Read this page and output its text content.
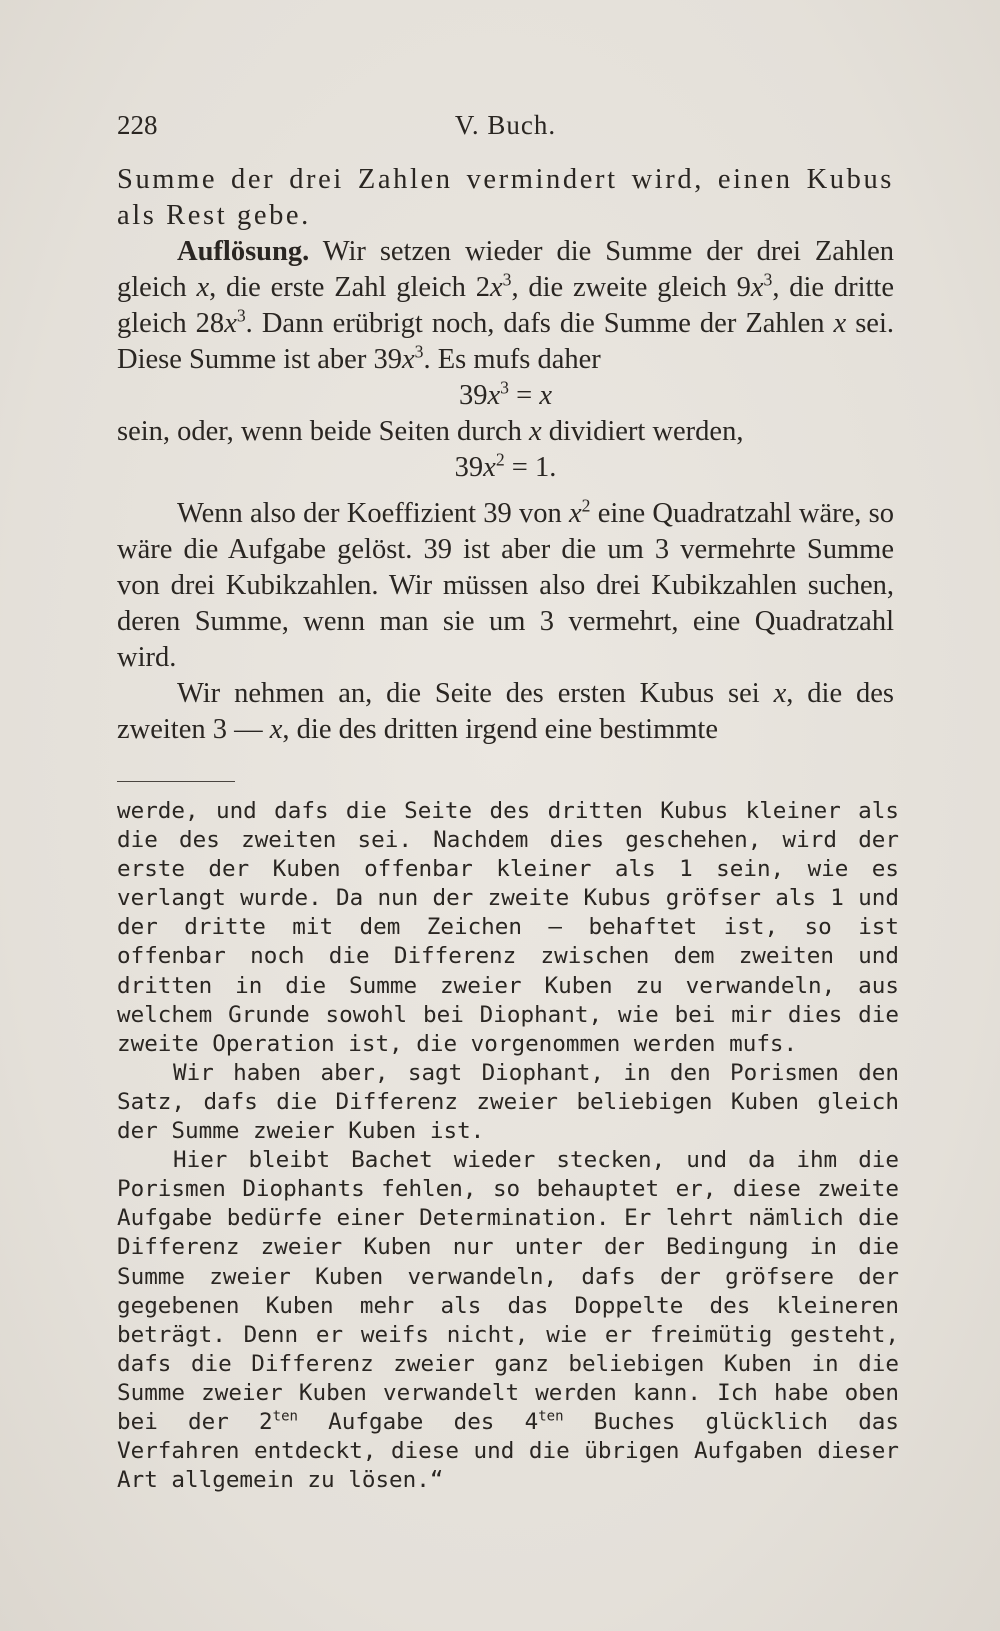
228	V. Buch.

Summe der drei Zahlen vermindert wird, einen Kubus als Rest gebe.

Auflösung. Wir setzen wieder die Summe der drei Zahlen gleich x, die erste Zahl gleich $2x^3$, die zweite gleich $9x^3$, die dritte gleich $28x^3$. Dann erübrigt noch, dafs die Summe der Zahlen x sei. Diese Summe ist aber $39x^3$. Es mufs daher

$39x^3 = x$

sein, oder, wenn beide Seiten durch x dividiert werden,

$39x^2 = 1$.

Wenn also der Koeffizient 39 von $x^2$ eine Quadratzahl wäre, so wäre die Aufgabe gelöst. 39 ist aber die um 3 vermehrte Summe von drei Kubikzahlen. Wir müssen also drei Kubikzahlen suchen, deren Summe, wenn man sie um 3 vermehrt, eine Quadratzahl wird.

Wir nehmen an, die Seite des ersten Kubus sei x, die des zweiten 3 — x, die des dritten irgend eine bestimmte

werde, und dafs die Seite des dritten Kubus kleiner als die des zweiten sei. Nachdem dies geschehen, wird der erste der Kuben offenbar kleiner als 1 sein, wie es verlangt wurde. Da nun der zweite Kubus gröfser als 1 und der dritte mit dem Zeichen — behaftet ist, so ist offenbar noch die Differenz zwischen dem zweiten und dritten in die Summe zweier Kuben zu verwandeln, aus welchem Grunde sowohl bei Diophant, wie bei mir dies die zweite Operation ist, die vorgenommen werden mufs.

Wir haben aber, sagt Diophant, in den Porismen den Satz, dafs die Differenz zweier beliebigen Kuben gleich der Summe zweier Kuben ist.

Hier bleibt Bachet wieder stecken, und da ihm die Porismen Diophants fehlen, so behauptet er, diese zweite Aufgabe bedürfe einer Determination. Er lehrt nämlich die Differenz zweier Kuben nur unter der Bedingung in die Summe zweier Kuben verwandeln, dafs der gröfsere der gegebenen Kuben mehr als das Doppelte des kleineren beträgt. Denn er weifs nicht, wie er freimütig gesteht, dafs die Differenz zweier ganz beliebigen Kuben in die Summe zweier Kuben verwandelt werden kann. Ich habe oben bei der $2^{ten}$ Aufgabe des $4^{ten}$ Buches glücklich das Verfahren entdeckt, diese und die übrigen Aufgaben dieser Art allgemein zu lösen.“
